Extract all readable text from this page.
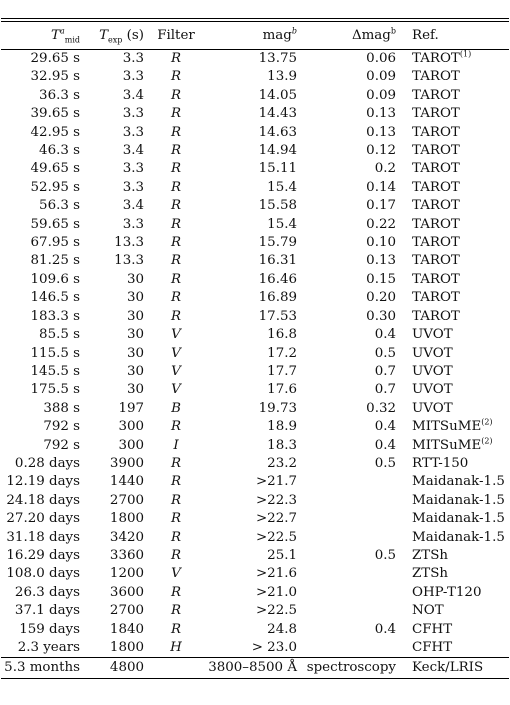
$T^a_{mid}$	$T_{exp}$ (s)	Filter	mag$^b$	Δmag$^b$	Ref.
29.65 s	3.3	R	13.75	0.06	TAROT$^{(1)}$
32.95 s	3.3	R	13.9	0.09	TAROT
36.3 s	3.4	R	14.05	0.09	TAROT
39.65 s	3.3	R	14.43	0.13	TAROT
42.95 s	3.3	R	14.63	0.13	TAROT
46.3 s	3.4	R	14.94	0.12	TAROT
49.65 s	3.3	R	15.11	0.2	TAROT
52.95 s	3.3	R	15.4	0.14	TAROT
56.3 s	3.4	R	15.58	0.17	TAROT
59.65 s	3.3	R	15.4	0.22	TAROT
67.95 s	13.3	R	15.79	0.10	TAROT
81.25 s	13.3	R	16.31	0.13	TAROT
109.6 s	30	R	16.46	0.15	TAROT
146.5 s	30	R	16.89	0.20	TAROT
183.3 s	30	R	17.53	0.30	TAROT
85.5 s	30	V	16.8	0.4	UVOT
115.5 s	30	V	17.2	0.5	UVOT
145.5 s	30	V	17.7	0.7	UVOT
175.5 s	30	V	17.6	0.7	UVOT
388 s	197	B	19.73	0.32	UVOT
792 s	300	R	18.9	0.4	MITSuME$^{(2)}$
792 s	300	I	18.3	0.4	MITSuME$^{(2)}$
0.28 days	3900	R	23.2	0.5	RTT-150
12.19 days	1440	R	>21.7		Maidanak-1.5
24.18 days	2700	R	>22.3		Maidanak-1.5
27.20 days	1800	R	>22.7		Maidanak-1.5
31.18 days	3420	R	>22.5		Maidanak-1.5
16.29 days	3360	R	25.1	0.5	ZTSh
108.0 days	1200	V	>21.6		ZTSh
26.3 days	3600	R	>21.0		OHP-T120
37.1 days	2700	R	>22.5		NOT
159 days	1840	R	24.8	0.4	CFHT
2.3 years	1800	H	> 23.0		CFHT
5.3 months	4800		3800–8500 Å	spectroscopy	Keck/LRIS
